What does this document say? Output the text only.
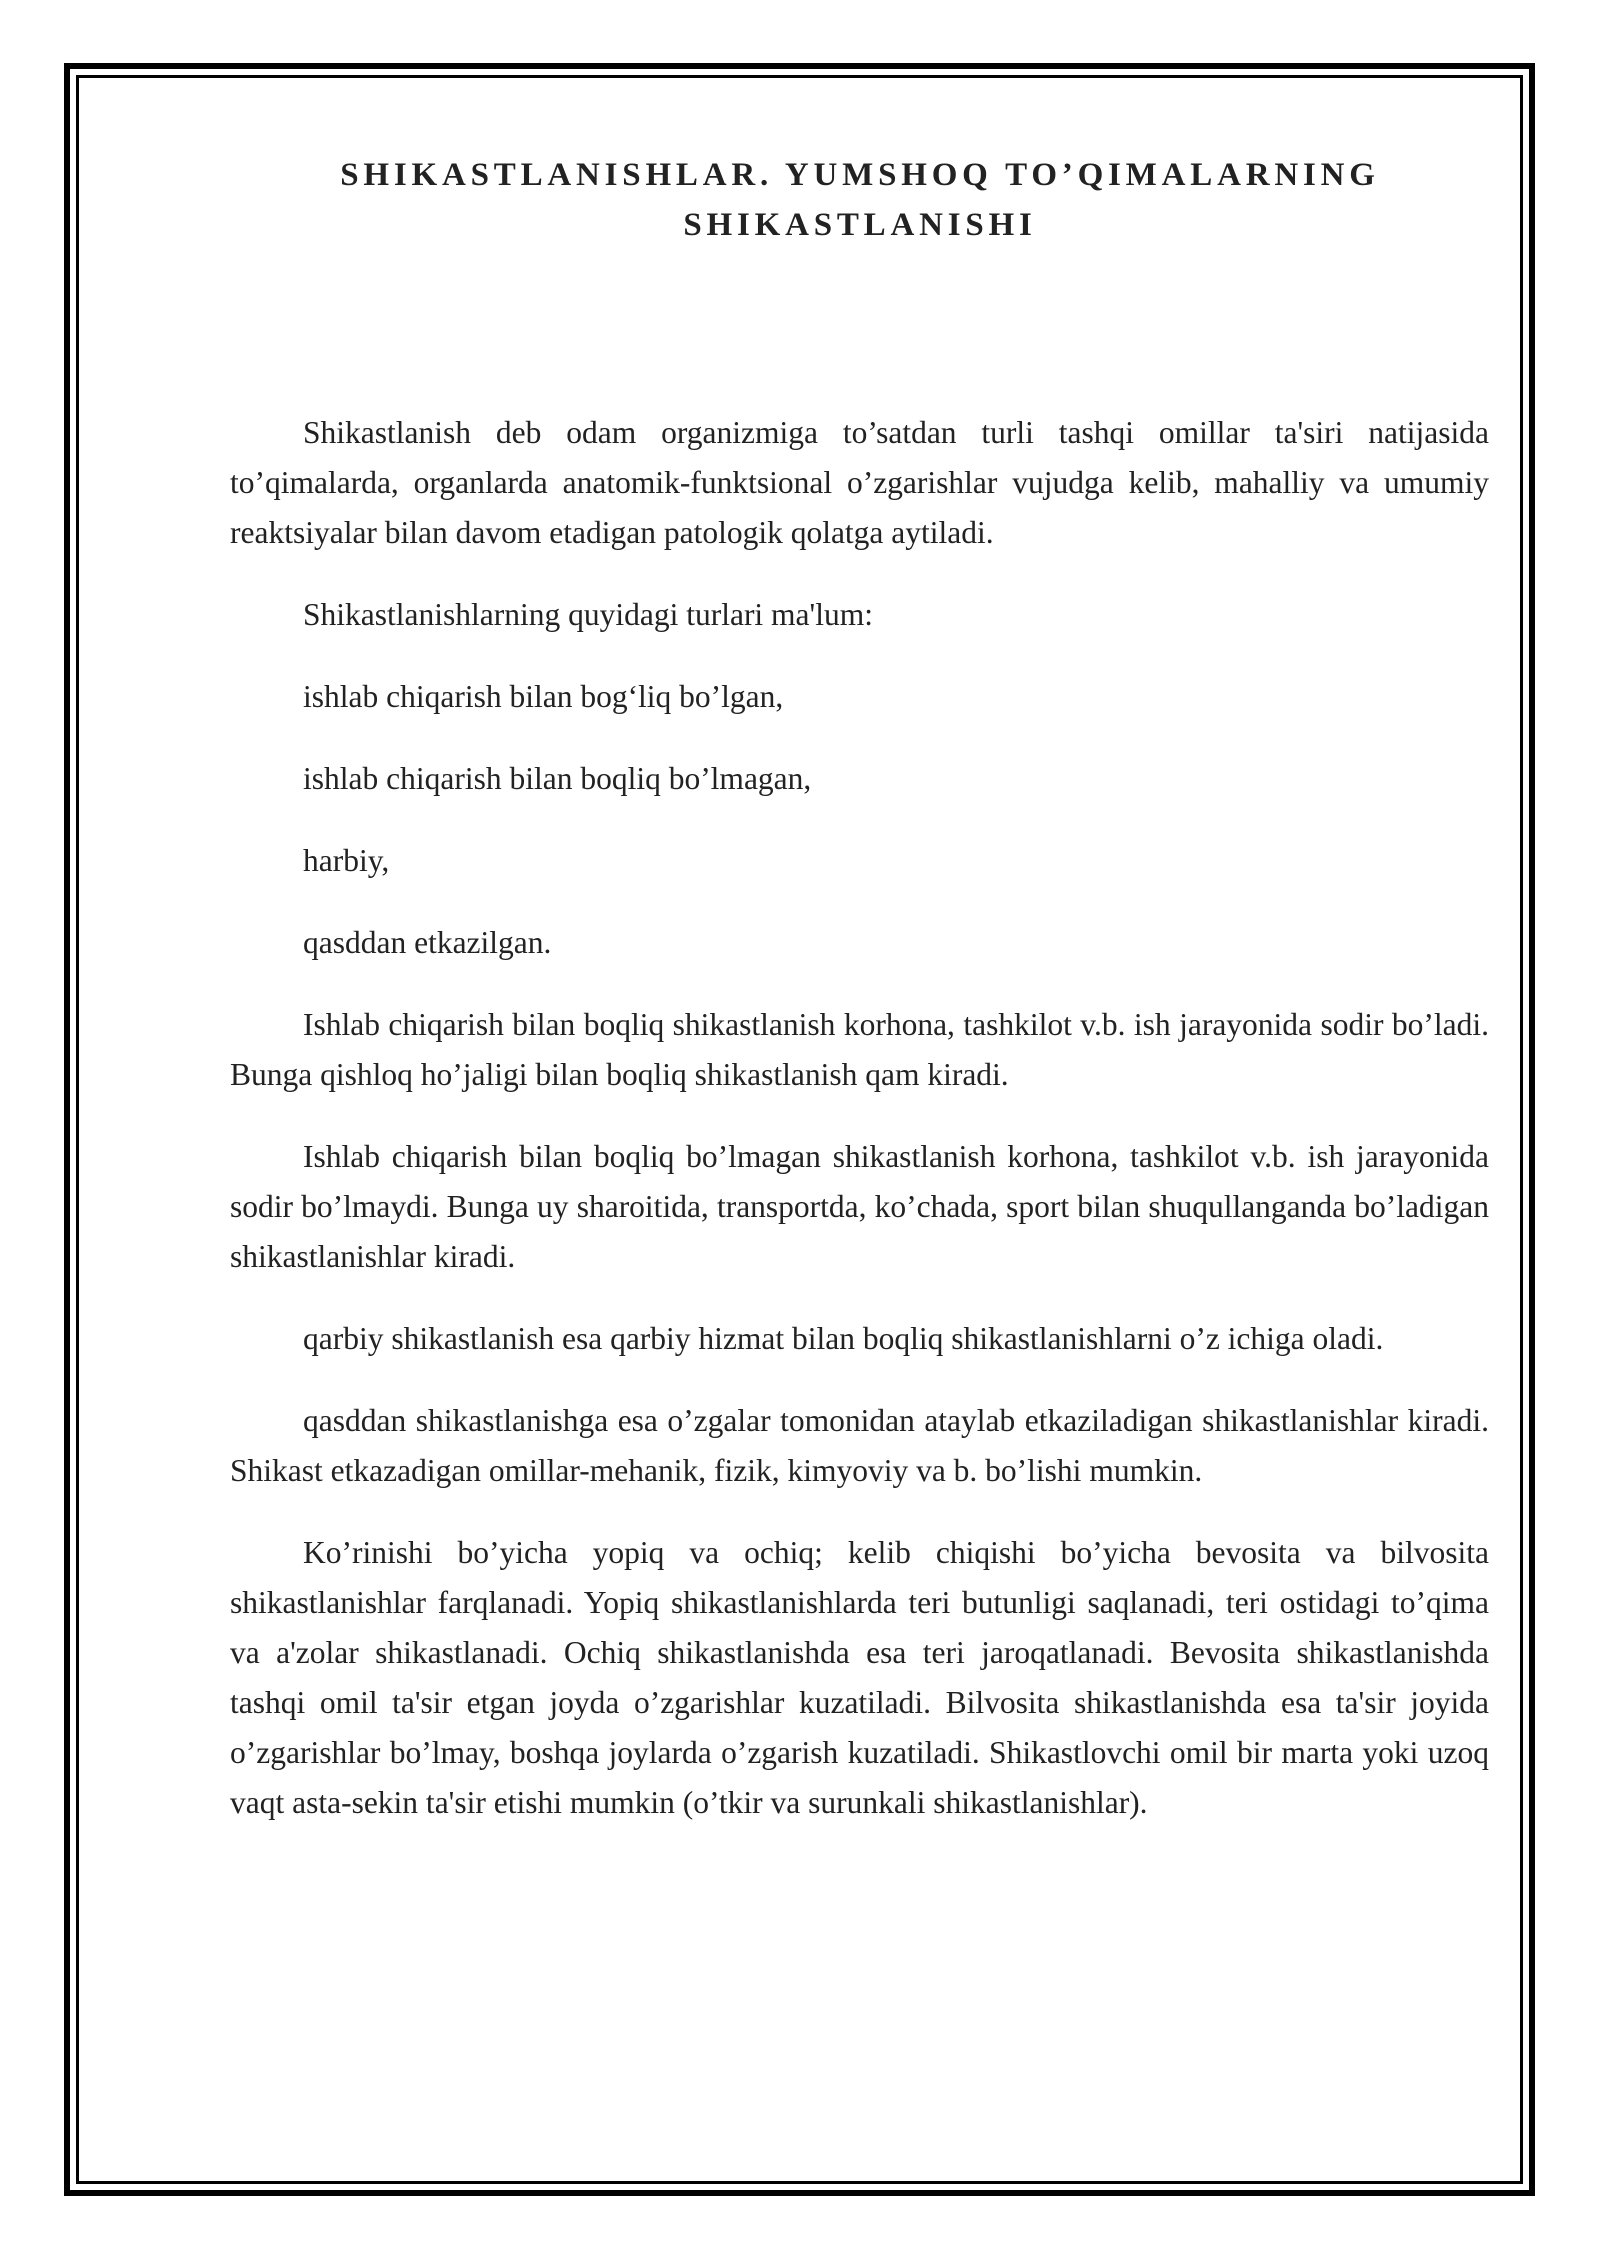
SHIKASTLANISHLAR. YUMSHOQ TO’QIMALARNING
SHIKASTLANISHI

Shikastlanish deb odam organizmiga to’satdan turli tashqi omillar ta'siri natijasida to’qimalarda, organlarda anatomik-funktsional o’zgarishlar vujudga kelib, mahalliy va umumiy reaktsiyalar bilan davom etadigan patologik qolatga aytiladi.

Shikastlanishlarning quyidagi turlari ma'lum:

ishlab chiqarish bilan bog‘liq bo’lgan,

ishlab chiqarish bilan boqliq bo’lmagan,

harbiy,

qasddan etkazilgan.

Ishlab chiqarish bilan boqliq shikastlanish korhona, tashkilot v.b. ish jarayonida sodir bo’ladi. Bunga qishloq ho’jaligi bilan boqliq shikastlanish qam kiradi.

Ishlab chiqarish bilan boqliq bo’lmagan shikastlanish korhona, tashkilot v.b. ish jarayonida sodir bo’lmaydi. Bunga uy sharoitida, transportda, ko’chada, sport bilan shuqullanganda bo’ladigan shikastlanishlar kiradi.

qarbiy shikastlanish esa qarbiy hizmat bilan boqliq shikastlanishlarni o’z ichiga oladi.

qasddan shikastlanishga esa o’zgalar tomonidan ataylab etkaziladigan shikastlanishlar kiradi. Shikast etkazadigan omillar-mehanik, fizik, kimyoviy va b. bo’lishi mumkin.

Ko’rinishi bo’yicha yopiq va ochiq; kelib chiqishi bo’yicha bevosita va bilvosita shikastlanishlar farqlanadi. Yopiq shikastlanishlarda teri butunligi saqlanadi, teri ostidagi to’qima va a'zolar shikastlanadi. Ochiq shikastlanishda esa teri jaroqatlanadi. Bevosita shikastlanishda tashqi omil ta'sir etgan joyda o’zgarishlar kuzatiladi. Bilvosita shikastlanishda esa ta'sir joyida o’zgarishlar bo’lmay, boshqa joylarda o’zgarish kuzatiladi. Shikastlovchi omil bir marta yoki uzoq vaqt asta-sekin ta'sir etishi mumkin (o’tkir va surunkali shikastlanishlar).
